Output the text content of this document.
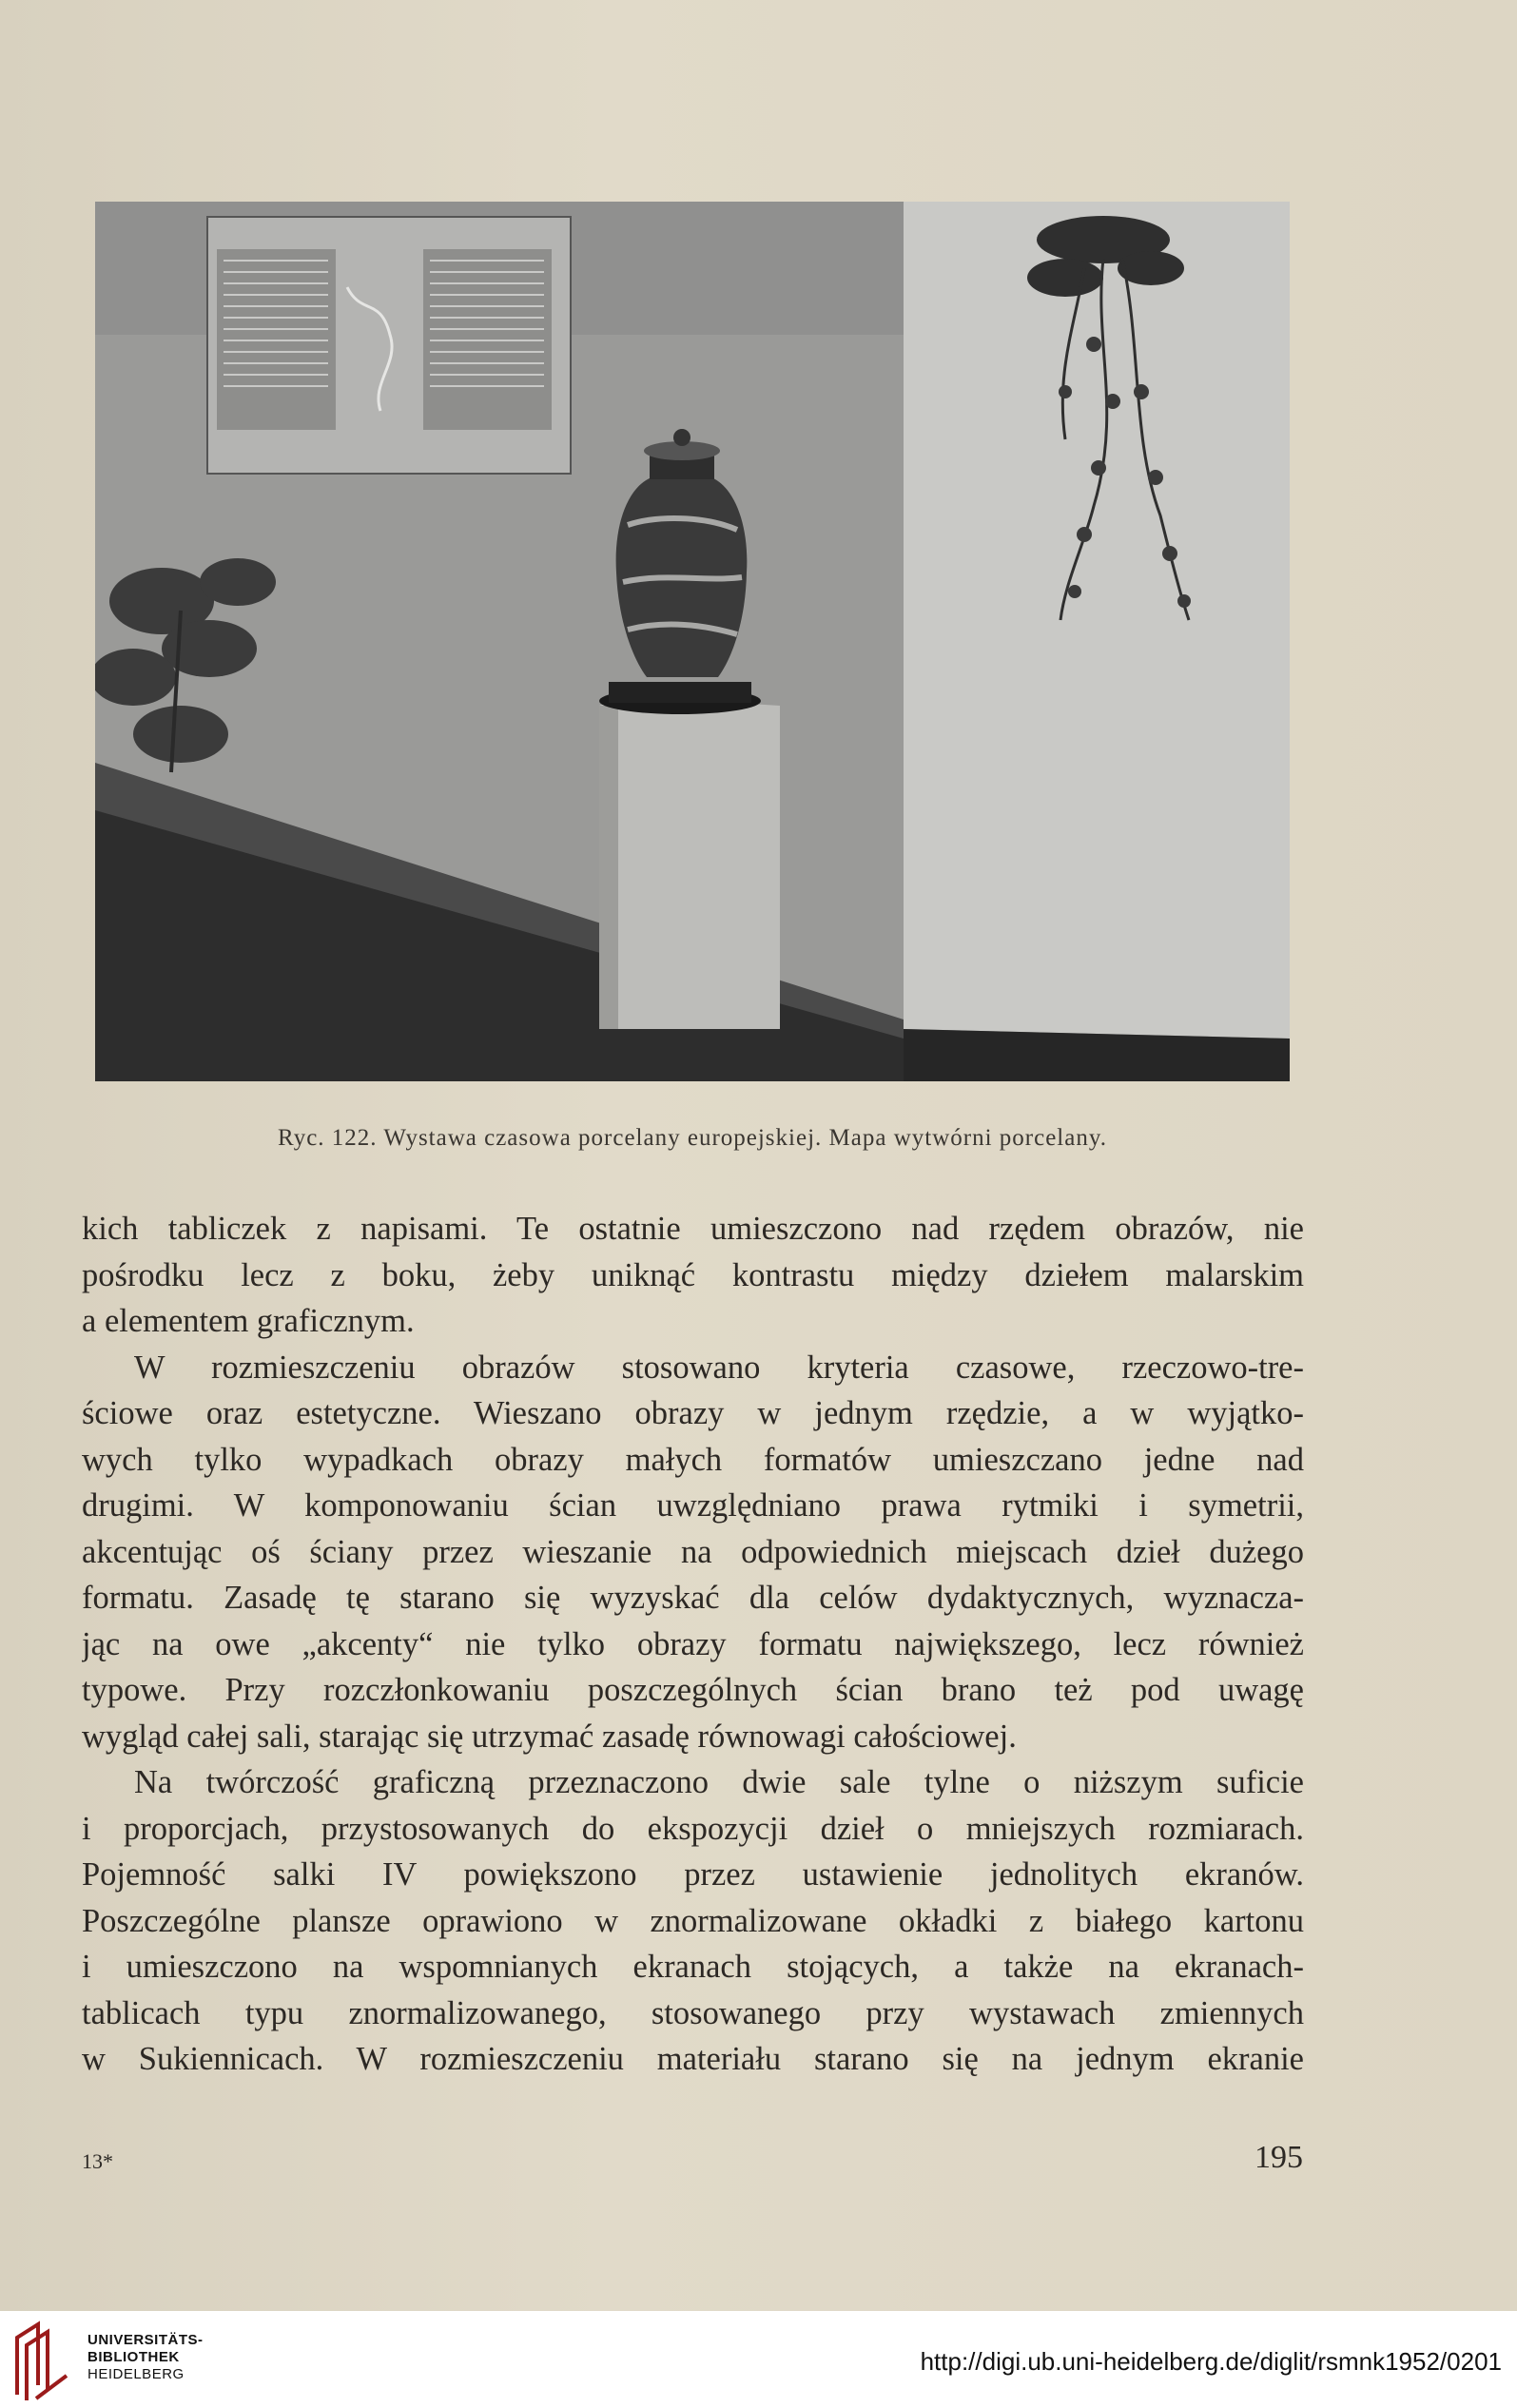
Ryc. 122. Wystawa czasowa porcelany europejskiej. Mapa wytwórni porcelany.
kich tabliczek z napisami. Te ostatnie umieszczono nad rzędem obrazów, nie
pośrodku lecz z boku, żeby uniknąć kontrastu między dziełem malarskim
a elementem graficznym.
W rozmieszczeniu obrazów stosowano kryteria czasowe, rzeczowo-tre-
ściowe oraz estetyczne. Wieszano obrazy w jednym rzędzie, a w wyjątko-
wych tylko wypadkach obrazy małych formatów umieszczano jedne nad
drugimi. W komponowaniu ścian uwzględniano prawa rytmiki i symetrii,
akcentując oś ściany przez wieszanie na odpowiednich miejscach dzieł dużego
formatu. Zasadę tę starano się wyzyskać dla celów dydaktycznych, wyznacza-
jąc na owe „akcenty“ nie tylko obrazy formatu największego, lecz również
typowe. Przy rozczłonkowaniu poszczególnych ścian brano też pod uwagę
wygląd całej sali, starając się utrzymać zasadę równowagi całościowej.
Na twórczość graficzną przeznaczono dwie sale tylne o niższym suficie
i proporcjach, przystosowanych do ekspozycji dzieł o mniejszych rozmiarach.
Pojemność salki IV powiększono przez ustawienie jednolitych ekranów.
Poszczególne plansze oprawiono w znormalizowane okładki z białego kartonu
i umieszczono na wspomnianych ekranach stojących, a także na ekranach-
tablicach typu znormalizowanego, stosowanego przy wystawach zmiennych
w Sukiennicach. W rozmieszczeniu materiału starano się na jednym ekranie
13*	195
UNIVERSITÄTS-
BIBLIOTHEK
HEIDELBERG	http://digi.ub.uni-heidelberg.de/diglit/rsmnk1952/0201
